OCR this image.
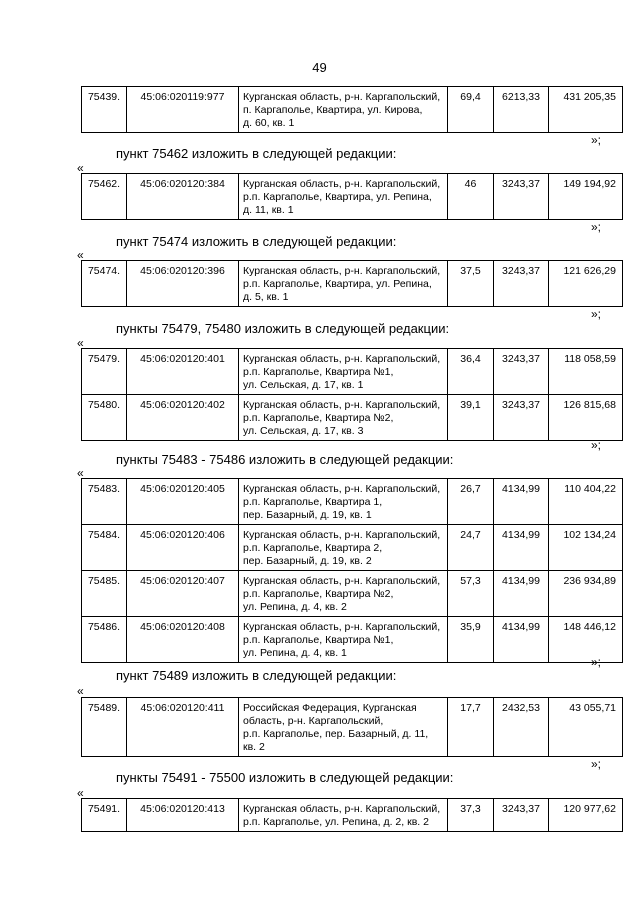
49
75439.	45:06:020119:977	Курганская область, р-н. Каргапольский,
п. Каргаполье, Квартира, ул. Кирова,
д. 60, кв. 1	69,4	6213,33	431 205,35
»;
пункт 75462 изложить в следующей редакции:
«
75462.	45:06:020120:384	Курганская область, р-н. Каргапольский,
р.п. Каргаполье, Квартира, ул. Репина,
д. 11, кв. 1	46	3243,37	149 194,92
»;
пункт 75474 изложить в следующей редакции:
«
75474.	45:06:020120:396	Курганская область, р-н. Каргапольский,
р.п. Каргаполье, Квартира, ул. Репина,
д. 5, кв. 1	37,5	3243,37	121 626,29
»;
пункты 75479, 75480 изложить в следующей редакции:
«
75479.	45:06:020120:401	Курганская область, р-н. Каргапольский,
р.п. Каргаполье, Квартира №1,
ул. Сельская, д. 17, кв. 1	36,4	3243,37	118 058,59
75480.	45:06:020120:402	Курганская область, р-н. Каргапольский,
р.п. Каргаполье, Квартира №2,
ул. Сельская, д. 17, кв. 3	39,1	3243,37	126 815,68
»;
пункты 75483 - 75486 изложить в следующей редакции:
«
75483.	45:06:020120:405	Курганская область, р-н. Каргапольский,
р.п. Каргаполье, Квартира 1,
пер. Базарный, д. 19, кв. 1	26,7	4134,99	110 404,22
75484.	45:06:020120:406	Курганская область, р-н. Каргапольский,
р.п. Каргаполье, Квартира 2,
пер. Базарный, д. 19, кв. 2	24,7	4134,99	102 134,24
75485.	45:06:020120:407	Курганская область, р-н. Каргапольский,
р.п. Каргаполье, Квартира №2,
ул. Репина, д. 4, кв. 2	57,3	4134,99	236 934,89
75486.	45:06:020120:408	Курганская область, р-н. Каргапольский,
р.п. Каргаполье, Квартира №1,
ул. Репина, д. 4, кв. 1	35,9	4134,99	148 446,12
»;
пункт 75489 изложить в следующей редакции:
«
75489.	45:06:020120:411	Российская Федерация, Курганская
область, р-н. Каргапольский,
р.п. Каргаполье, пер. Базарный, д. 11,
кв. 2	17,7	2432,53	43 055,71
»;
пункты 75491 - 75500 изложить в следующей редакции:
«
75491.	45:06:020120:413	Курганская область, р-н. Каргапольский,
р.п. Каргаполье, ул. Репина, д. 2, кв. 2	37,3	3243,37	120 977,62
